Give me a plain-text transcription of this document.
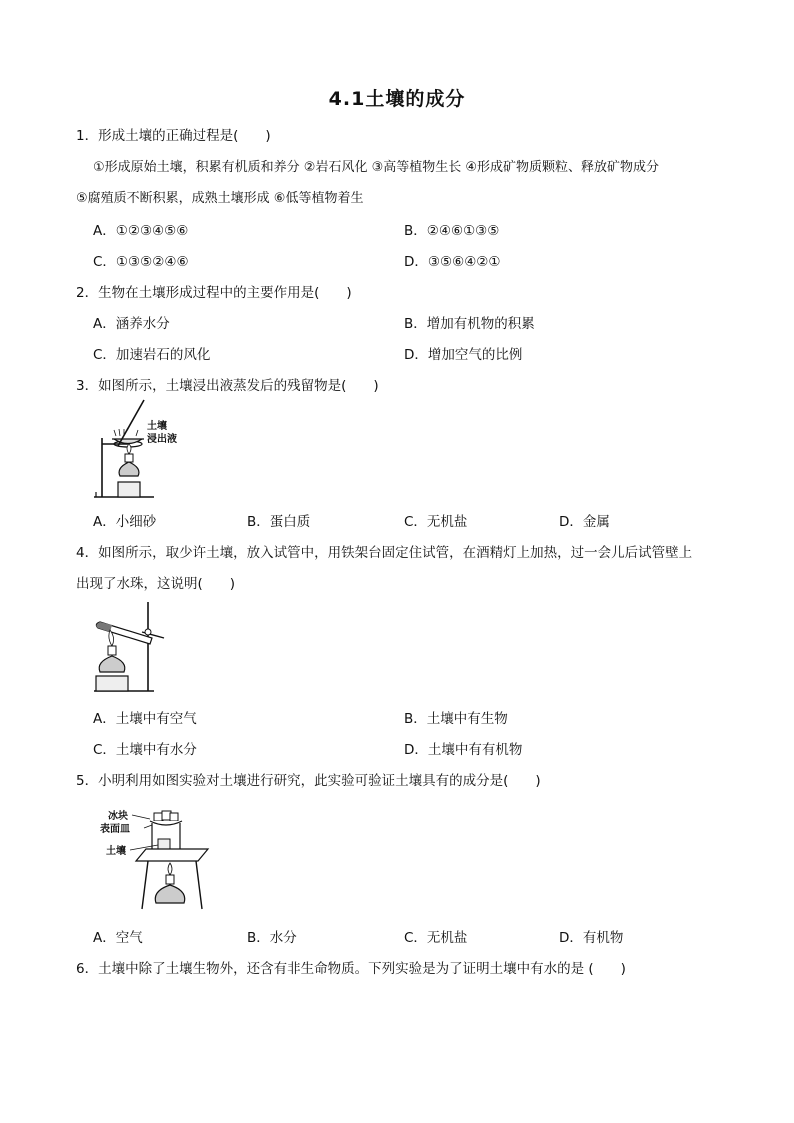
4.1土壤的成分
1．形成土壤的正确过程是(　　)
①形成原始土壤，积累有机质和养分 ②岩石风化 ③高等植物生长 ④形成矿物质颗粒、释放矿物成分
⑤腐殖质不断积累，成熟土壤形成 ⑥低等植物着生
A．①②③④⑤⑥	B．②④⑥①③⑤
C．①③⑤②④⑥	D．③⑤⑥④②①
2．生物在土壤形成过程中的主要作用是(　　)
A．涵养水分	B．增加有机物的积累
C．加速岩石的风化	D．增加空气的比例
3．如图所示，土壤浸出液蒸发后的残留物是(　　)
土壤
浸出液
A．小细砂	B．蛋白质	C．无机盐	D．金属
4．如图所示，取少许土壤，放入试管中，用铁架台固定住试管，在酒精灯上加热，过一会儿后试管壁上
出现了水珠，这说明(　　)
A．土壤中有空气	B．土壤中有生物
C．土壤中有水分	D．土壤中有有机物
5．小明利用如图实验对土壤进行研究，此实验可验证土壤具有的成分是(　　)
冰块
表面皿
土壤
A．空气	B．水分	C．无机盐	D．有机物
6．土壤中除了土壤生物外，还含有非生命物质。下列实验是为了证明土壤中有水的是 (　　)
